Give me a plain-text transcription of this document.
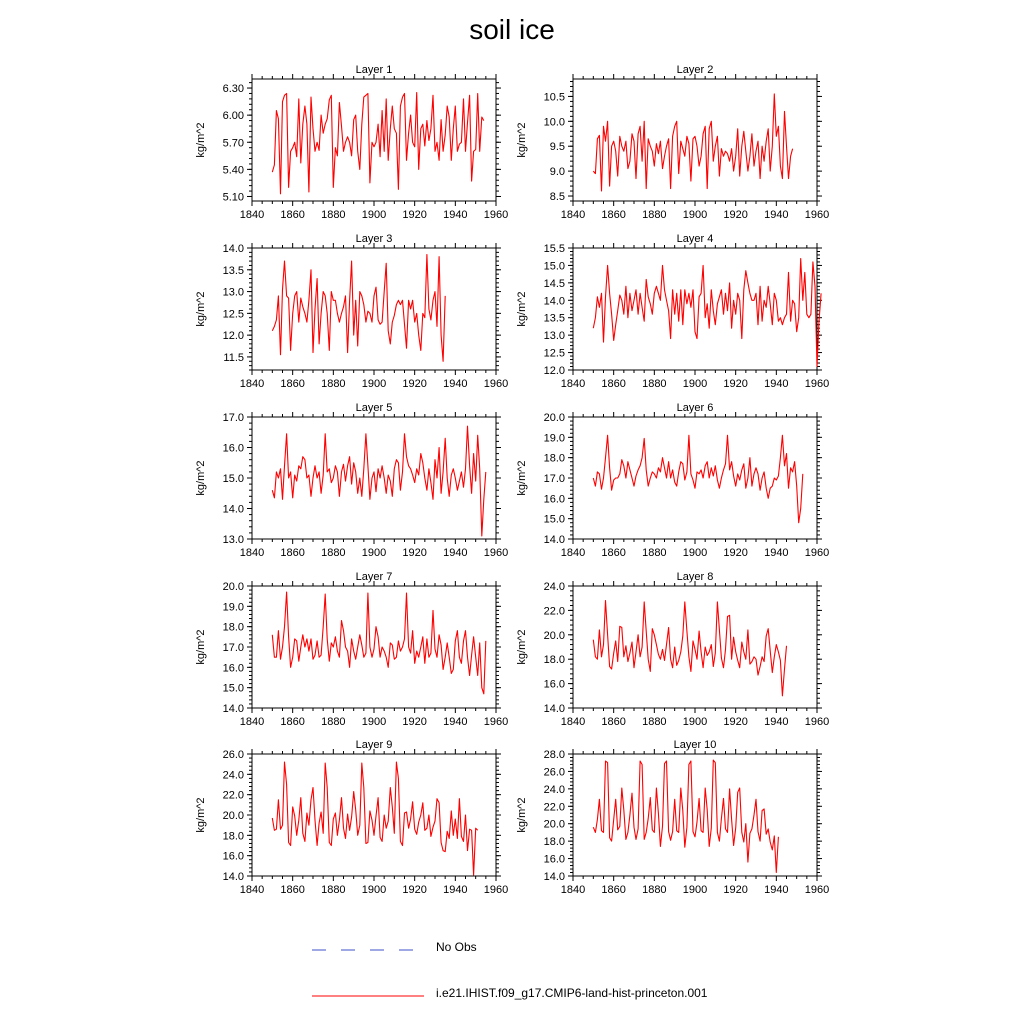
soil ice
Layer 1
kg/m^2
1840 1860 1880 1900 1920 1940 1960
5.10
5.40
5.70
6.00
6.30
Layer 2
kg/m^2
1840 1860 1880 1900 1920 1940 1960
8.5
9.0
9.5
10.0
10.5
Layer 3
kg/m^2
1840 1860 1880 1900 1920 1940 1960
11.5
12.0
12.5
13.0
13.5
14.0
Layer 4
kg/m^2
1840 1860 1880 1900 1920 1940 1960
12.0
12.5
13.0
13.5
14.0
14.5
15.0
15.5
Layer 5
kg/m^2
1840 1860 1880 1900 1920 1940 1960
13.0
14.0
15.0
16.0
17.0
Layer 6
kg/m^2
1840 1860 1880 1900 1920 1940 1960
14.0
15.0
16.0
17.0
18.0
19.0
20.0
Layer 7
kg/m^2
1840 1860 1880 1900 1920 1940 1960
14.0
15.0
16.0
17.0
18.0
19.0
20.0
Layer 8
kg/m^2
1840 1860 1880 1900 1920 1940 1960
14.0
16.0
18.0
20.0
22.0
24.0
Layer 9
kg/m^2
1840 1860 1880 1900 1920 1940 1960
14.0
16.0
18.0
20.0
22.0
24.0
26.0
Layer 10
kg/m^2
1840 1860 1880 1900 1920 1940 1960
14.0
16.0
18.0
20.0
22.0
24.0
26.0
28.0
No Obs
i.e21.IHIST.f09_g17.CMIP6-land-hist-princeton.001
